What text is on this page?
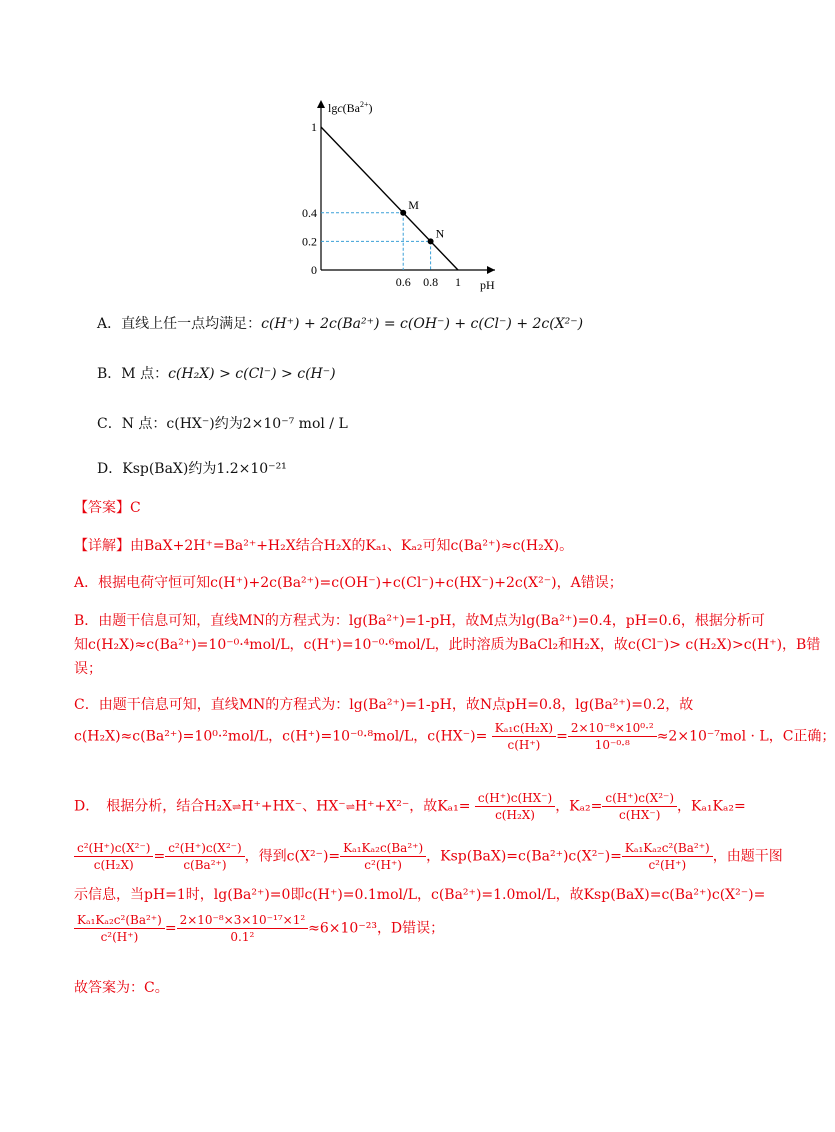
$\lg c(Ba^{2+})$
pH
1
0.4
0.2
0
0.6 0.8 1
M
N
A．直线上任一点均满足：c(H⁺) + 2c(Ba²⁺) = c(OH⁻) + c(Cl⁻) + 2c(X²⁻)
B．M 点：c(H₂X) > c(Cl⁻) > c(H⁻)
C．N 点：c(HX⁻)约为2×10⁻⁷ mol / L
D．Ksp(BaX)约为1.2×10⁻²¹
【答案】C
【详解】由BaX+2H⁺=Ba²⁺+H₂X结合H₂X的Kₐ₁、Kₐ₂可知c(Ba²⁺)≈c(H₂X)。
A．根据电荷守恒可知c(H⁺)+2c(Ba²⁺)=c(OH⁻)+c(Cl⁻)+c(HX⁻)+2c(X²⁻)，A错误；
B．由题干信息可知，直线MN的方程式为：lg(Ba²⁺)=1-pH，故M点为lg(Ba²⁺)=0.4，pH=0.6，根据分析可
知c(H₂X)≈c(Ba²⁺)=10⁻⁰·⁴mol/L，c(H⁺)=10⁻⁰·⁶mol/L，此时溶质为BaCl₂和H₂X，故c(Cl⁻)> c(H₂X)>c(H⁺)，B错
误；
C．由题干信息可知，直线MN的方程式为：lg(Ba²⁺)=1-pH，故N点pH=0.8，lg(Ba²⁺)=0.2，故
c(H₂X)≈c(Ba²⁺)=10⁰·²mol/L，c(H⁺)=10⁻⁰·⁸mol/L，$c(HX^-)= \frac{\text{Kₐ₁c(H₂X)}}{c(H^+)} = \frac{\text{2×10⁻⁸×10⁰·²}}{\text{10⁻⁰·⁸}} \approx 2\times 10^{-7}mol \cdot L$，C正确；
D．　根据分析，结合H₂X⇌H⁺+HX⁻、HX⁻⇌H⁺+X²⁻，故$K_{a1}= \frac{c(H^+)c(HX^-)}{\text{c(H₂X)}}$ ，$K_{a2}= \frac{\text{c(H⁺)c(X²⁻)}}{c(HX^-)}$ ，Kₐ₁Kₐ₂=
$\frac{\text{c²(H⁺)c(X²⁻)}}{\text{c(H₂X)}} = \frac{\text{c²(H⁺)c(X²⁻)}}{\text{c(Ba²⁺)}}$ ，得到$c(X^{2-})= \frac{\text{Kₐ₁Kₐ₂c(Ba²⁺)}}{\text{c²(H⁺)}}$ ，$Ksp(BaX)=c(Ba^{2+})c(X^{2-})= \frac{\text{Kₐ₁Kₐ₂c²(Ba²⁺)}}{\text{c²(H⁺)}}$ ，由题干图
示信息，当pH=1时，lg(Ba²⁺)=0即c(H⁺)=0.1mol/L，c(Ba²⁺)=1.0mol/L，故Ksp(BaX)=c(Ba²⁺)c(X²⁻)=
$\frac{\text{Kₐ₁Kₐ₂c²(Ba²⁺)}}{\text{c²(H⁺)}} = \frac{\text{2×10⁻⁸×3×10⁻¹⁷×1²}}{\text{0.1²}} \approx 6\times 10^{-23}$，D错误；
故答案为：C。
